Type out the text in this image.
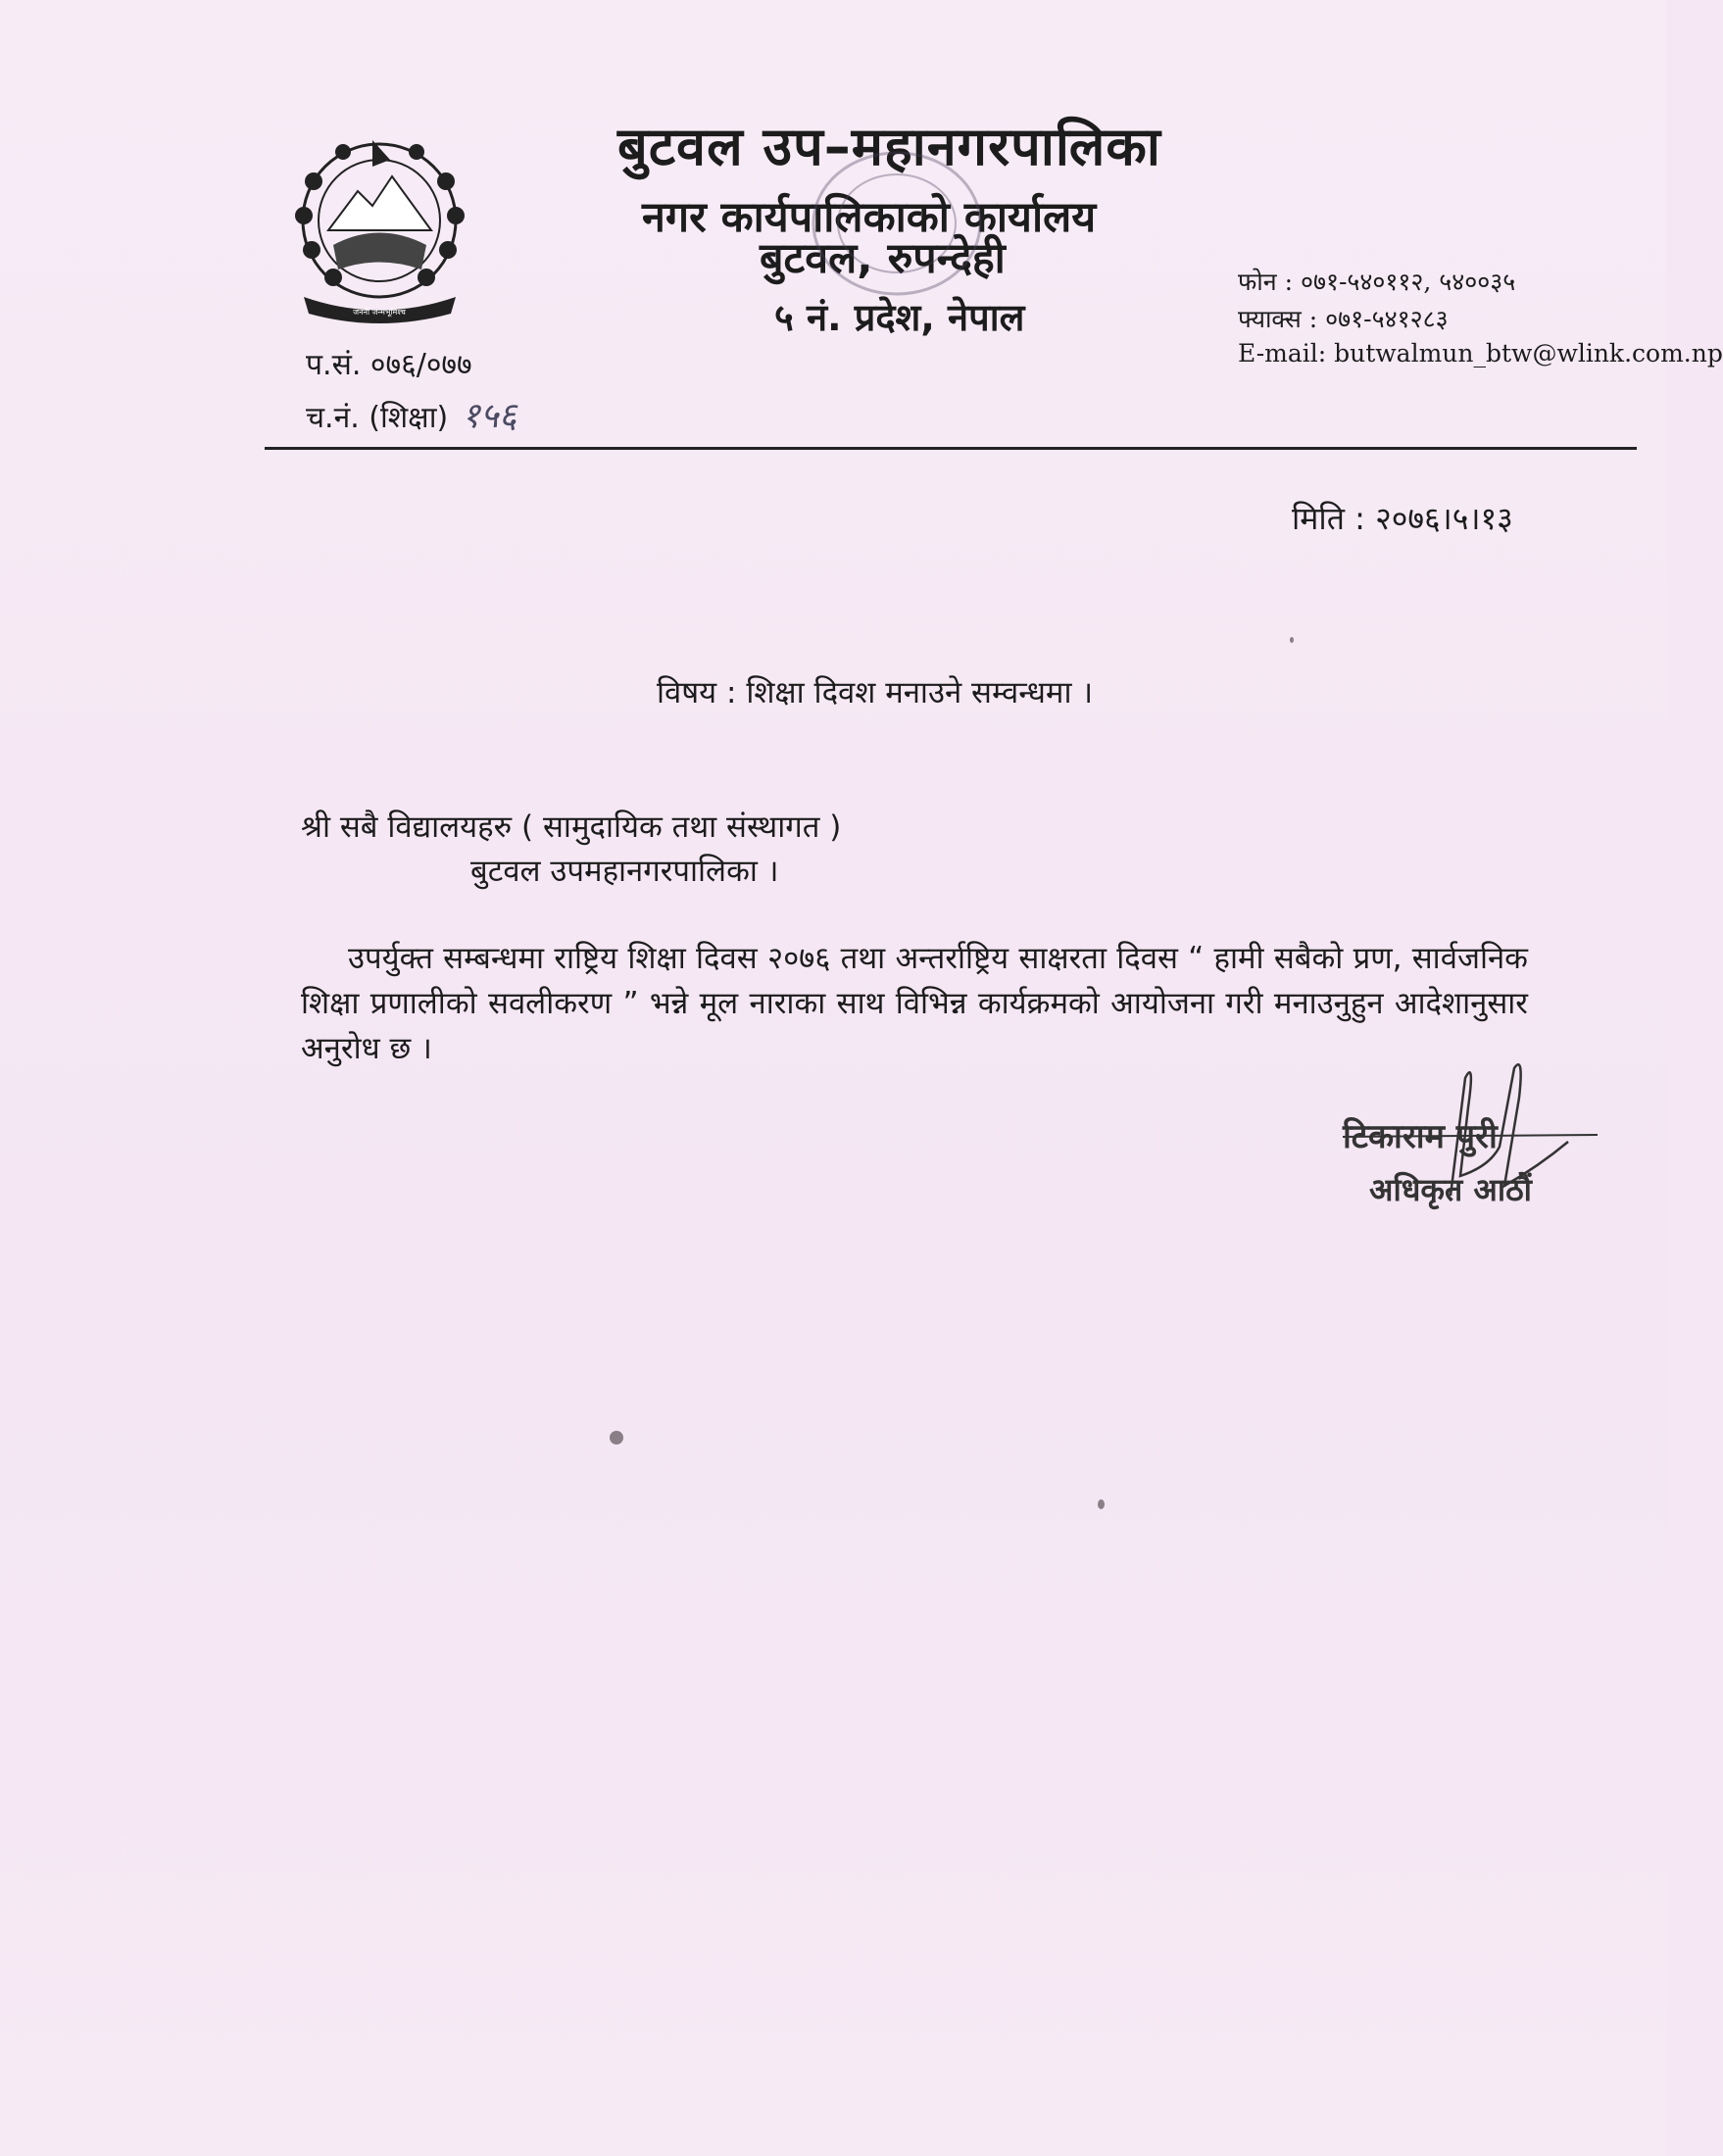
जननी जन्मभूमिश्च
बुटवल उप–महानगरपालिका
नगर कार्यपालिकाको कार्यालय
बुटवल, रुपन्देही
५ नं. प्रदेश, नेपाल
फोन : ०७१-५४०११२, ५४००३५
फ्याक्स : ०७१-५४१२८३
E-mail: butwalmun_btw@wlink.com.np
प.सं. ०७६/०७७
च.नं. (शिक्षा) १५६
मिति : २०७६।५।१३
विषय : शिक्षा दिवश मनाउने सम्वन्धमा ।
श्री सबै विद्यालयहरु ( सामुदायिक तथा संस्थागत )
बुटवल उपमहानगरपालिका ।
उपर्युक्त सम्बन्धमा राष्ट्रिय शिक्षा दिवस २०७६ तथा अन्तर्राष्ट्रिय साक्षरता दिवस “ हामी सबैको प्रण, सार्वजनिक शिक्षा प्रणालीको सवलीकरण ” भन्ने मूल नाराका साथ विभिन्न कार्यक्रमको आयोजना गरी मनाउनुहुन आदेशानुसार अनुरोध छ ।
टिकाराम पुरी
अधिकृत आठौं
